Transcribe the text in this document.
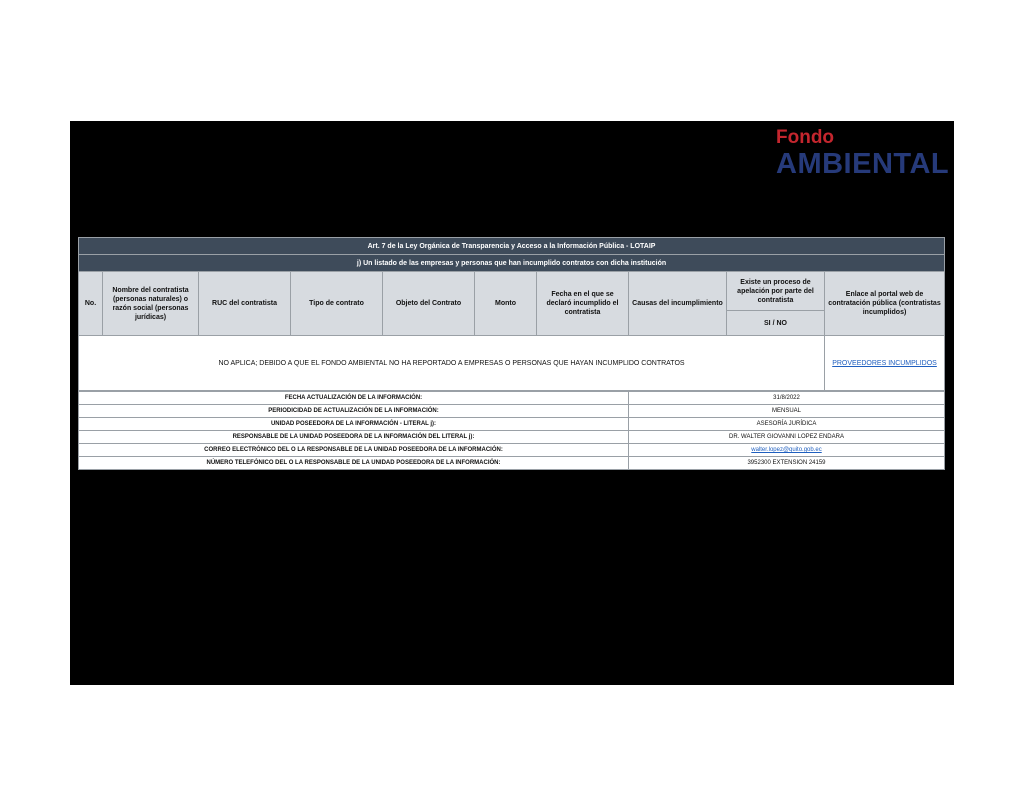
Fondo
AMBIENTAL
Art. 7 de la Ley Orgánica de Transparencia y Acceso a la Información Pública - LOTAIP									
j) Un listado de las empresas y personas que han incumplido contratos con dicha institución									
No.	Nombre del contratista (personas naturales) o razón social (personas jurídicas)	RUC del contratista	Tipo de contrato	Objeto del Contrato	Monto	Fecha en el que se declaró incumplido el contratista	Causas del incumplimiento	Existe un proceso de apelación por parte del contratista	Enlace al portal web de contratación pública (contratistas incumplidos)
								SI / NO	
NO APLICA; DEBIDO A QUE EL FONDO AMBIENTAL NO HA REPORTADO A EMPRESAS O PERSONAS QUE HAYAN INCUMPLIDO CONTRATOS									PROVEEDORES INCUMPLIDOS
FECHA ACTUALIZACIÓN DE LA INFORMACIÓN:	31/8/2022
PERIODICIDAD DE ACTUALIZACIÓN DE LA INFORMACIÓN:	MENSUAL
UNIDAD POSEEDORA DE LA INFORMACIÓN - LITERAL j):	ASESORÍA JURÍDICA
RESPONSABLE DE LA UNIDAD POSEEDORA DE LA INFORMACIÓN DEL LITERAL j):	DR. WALTER GIOVANNI LOPEZ ENDARA
CORREO ELECTRÓNICO DEL O LA RESPONSABLE DE LA UNIDAD POSEEDORA DE LA INFORMACIÓN:	walter.lopez@quito.gob.ec
NÚMERO TELEFÓNICO DEL O LA RESPONSABLE DE LA UNIDAD POSEEDORA DE LA INFORMACIÓN:	3952300 EXTENSION 24159
